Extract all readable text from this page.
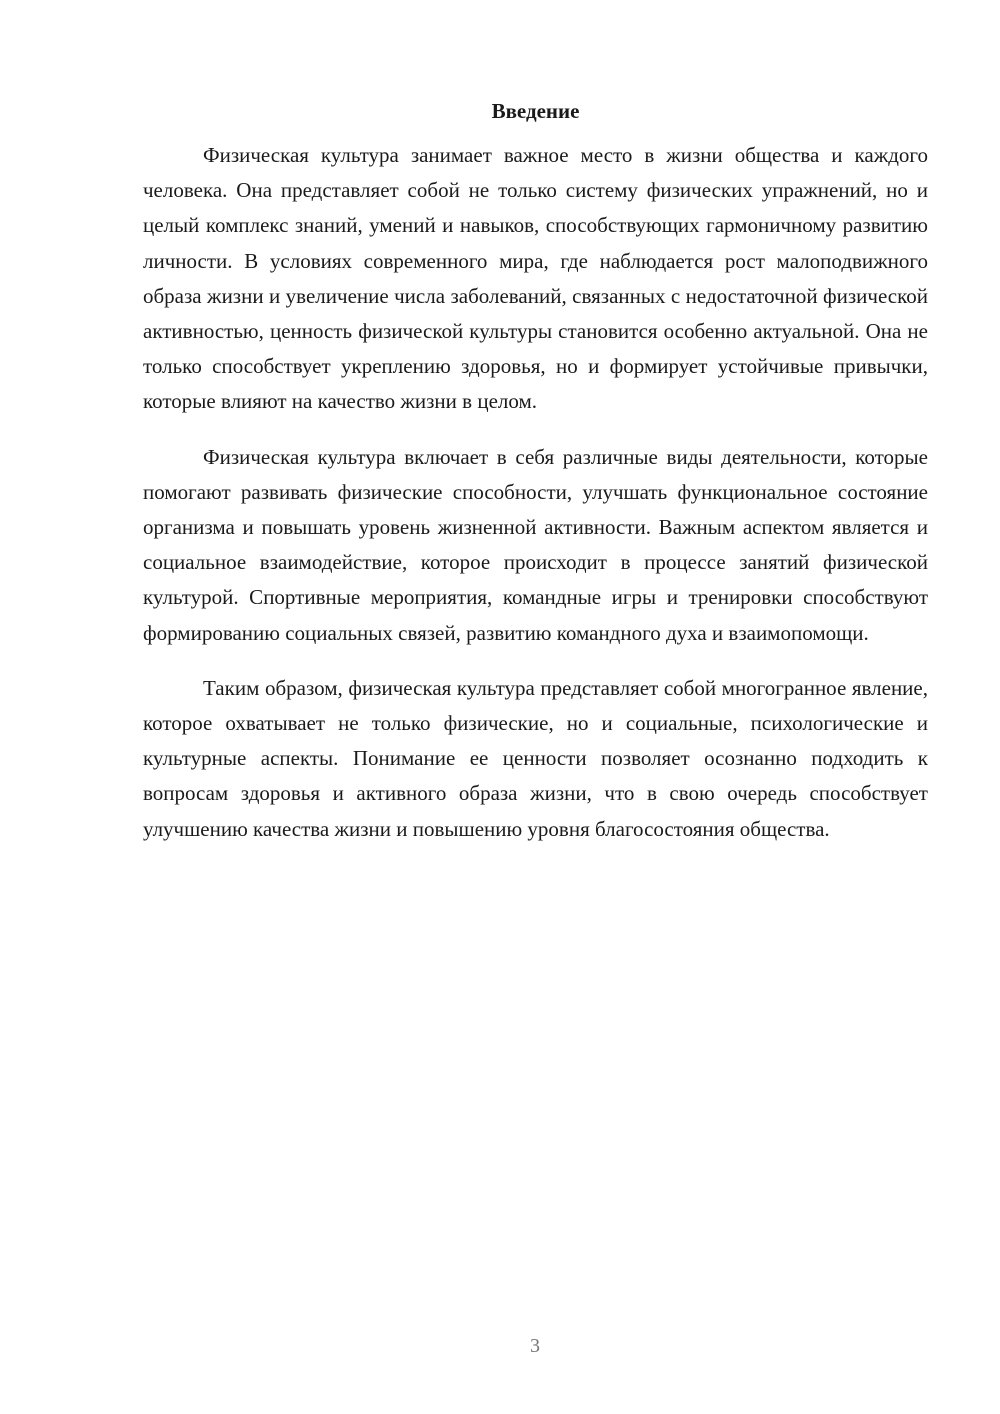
Введение

Физическая культура занимает важное место в жизни общества и каждого человека. Она представляет собой не только систему физических упражнений, но и целый комплекс знаний, умений и навыков, способствующих гармоничному развитию личности. В условиях современного мира, где наблюдается рост малоподвижного образа жизни и увеличение числа заболеваний, связанных с недостаточной физической активностью, ценность физической культуры становится особенно актуальной. Она не только способствует укреплению здоровья, но и формирует устойчивые привычки, которые влияют на качество жизни в целом.

Физическая культура включает в себя различные виды деятельности, которые помогают развивать физические способности, улучшать функциональное состояние организма и повышать уровень жизненной активности. Важным аспектом является и социальное взаимодействие, которое происходит в процессе занятий физической культурой. Спортивные мероприятия, командные игры и тренировки способствуют формированию социальных связей, развитию командного духа и взаимопомощи.

Таким образом, физическая культура представляет собой многогранное явление, которое охватывает не только физические, но и социальные, психологические и культурные аспекты. Понимание ее ценности позволяет осознанно подходить к вопросам здоровья и активного образа жизни, что в свою очередь способствует улучшению качества жизни и повышению уровня благосостояния общества.

3
